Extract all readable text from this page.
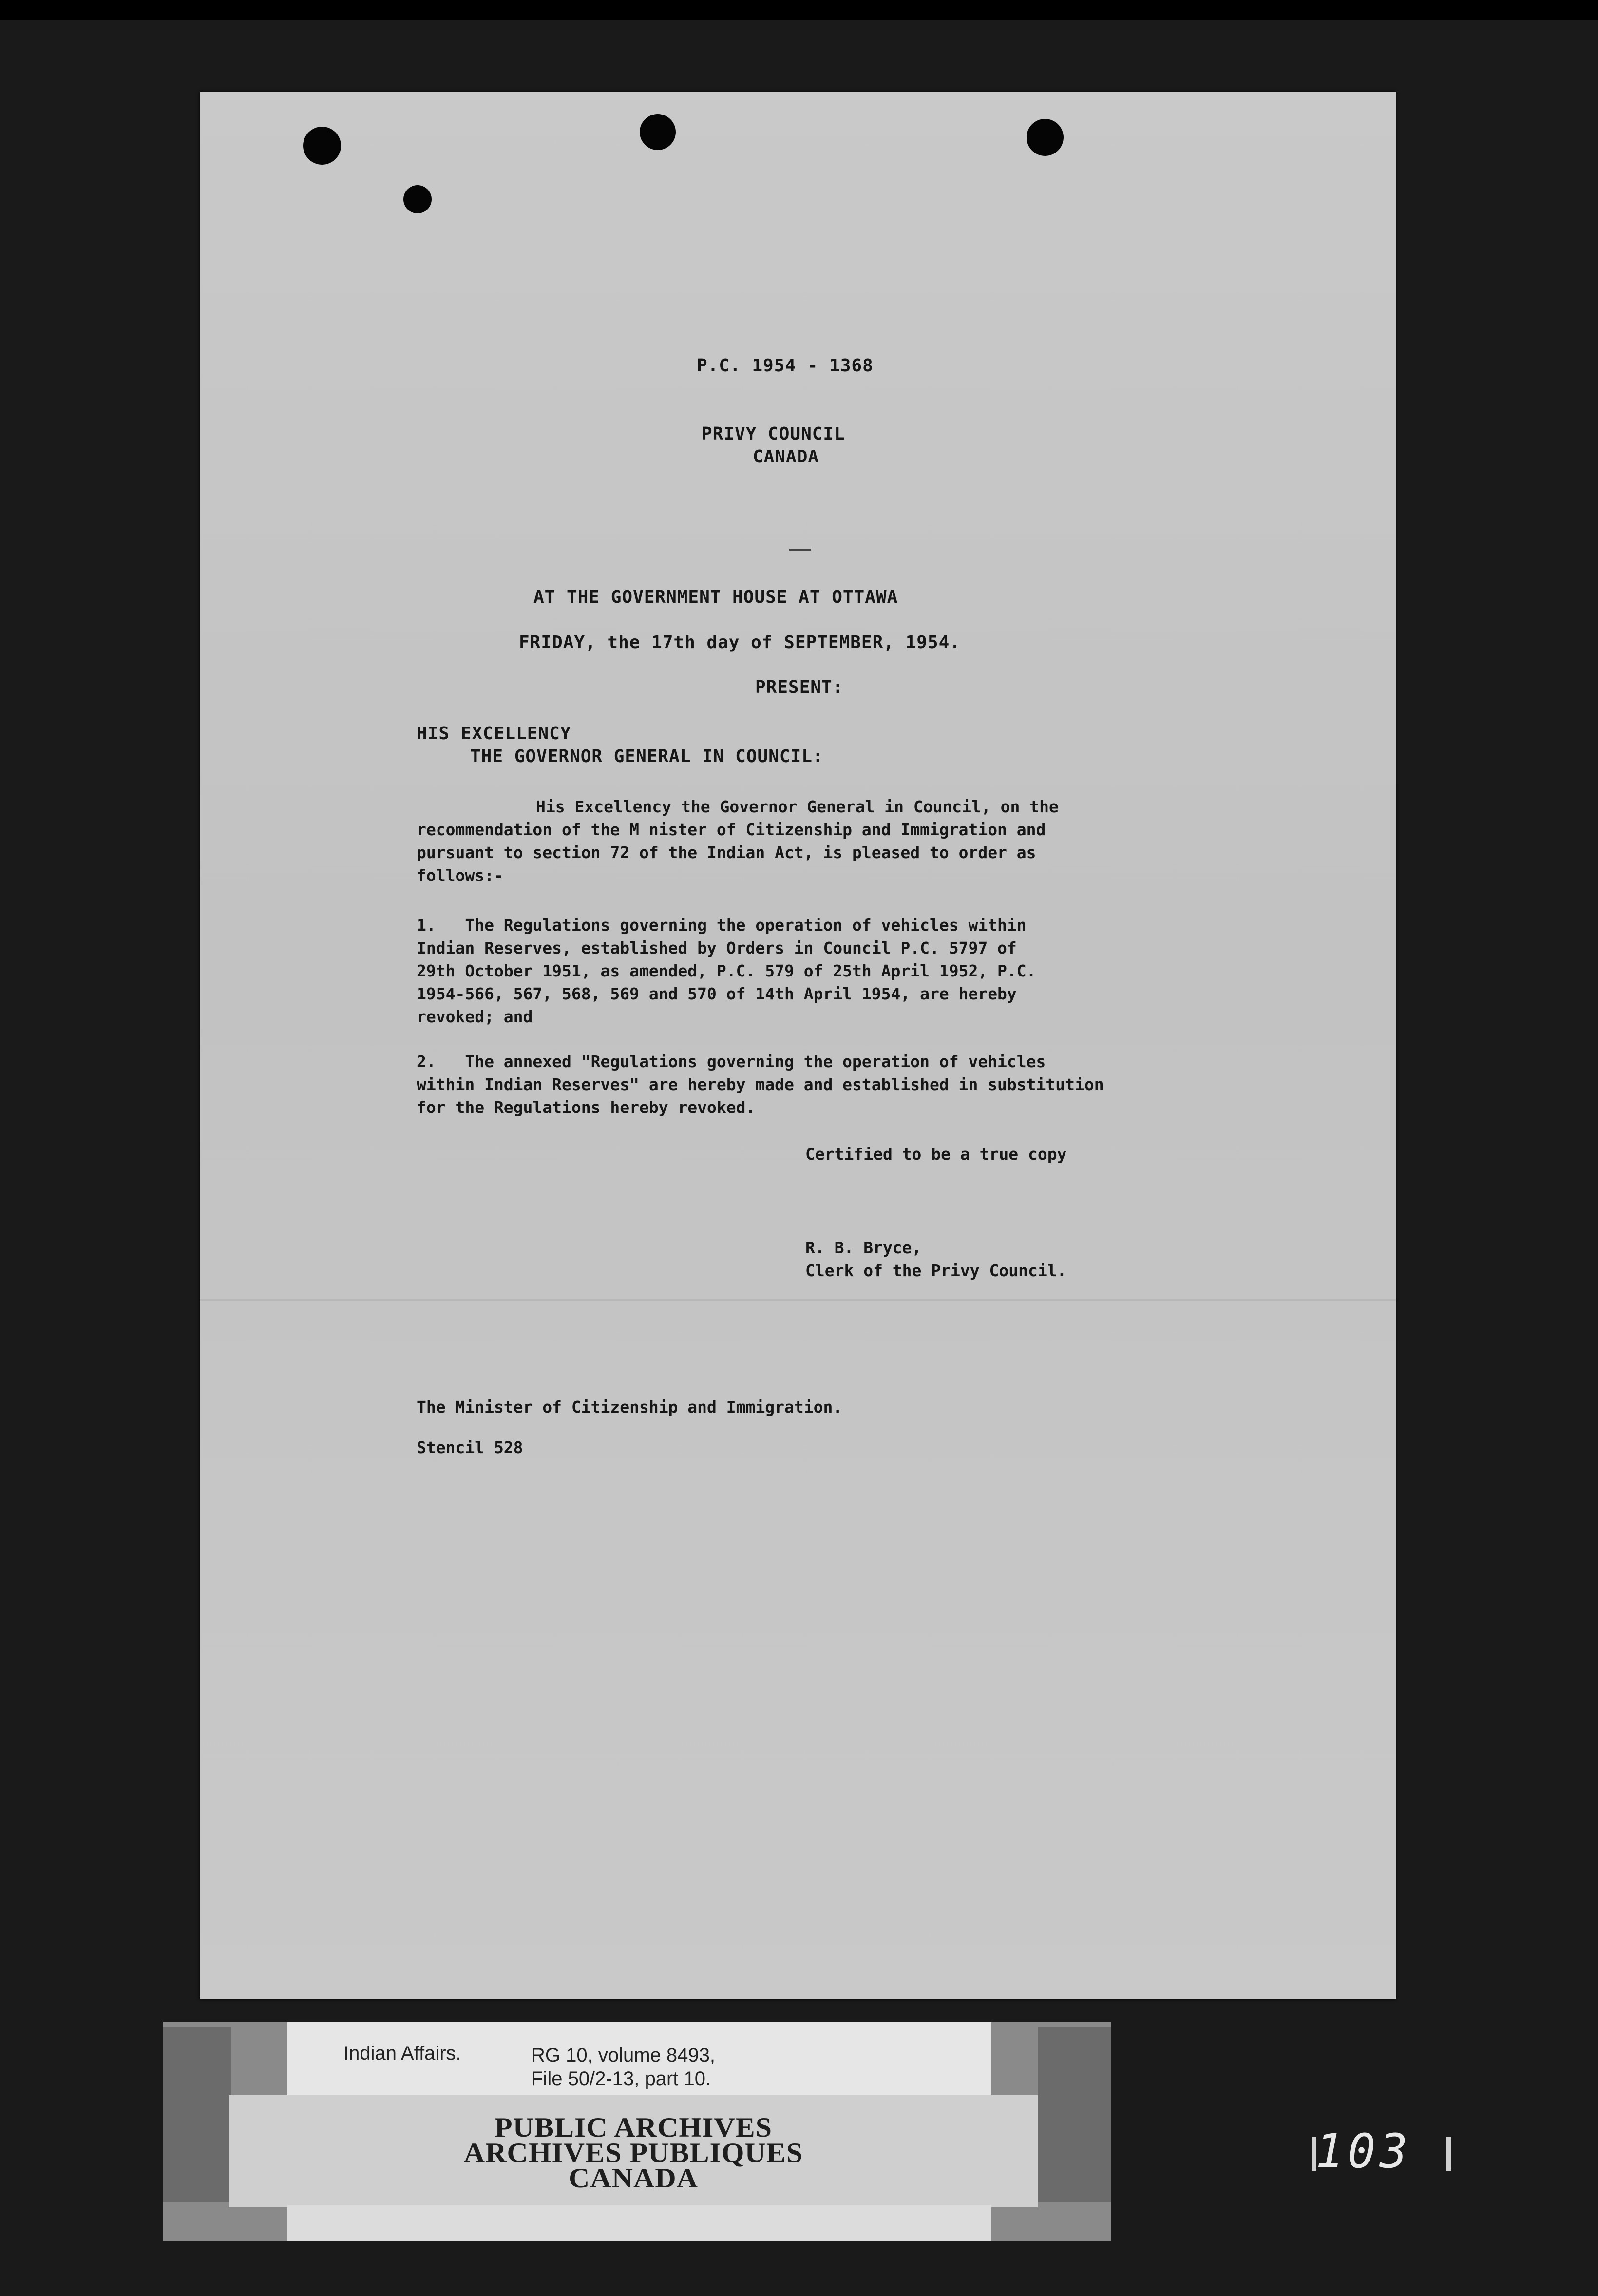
P.C. 1954 - 1368
PRIVY COUNCIL
CANADA
AT THE GOVERNMENT HOUSE AT OTTAWA
FRIDAY, the 17th day of SEPTEMBER, 1954.
PRESENT:
HIS EXCELLENCY
THE GOVERNOR GENERAL IN COUNCIL:
His Excellency the Governor General in Council, on the
recommendation of the M nister of Citizenship and Immigration and
pursuant to section 72 of the Indian Act, is pleased to order as
follows:-
1.   The Regulations governing the operation of vehicles within
Indian Reserves, established by Orders in Council P.C. 5797 of
29th October 1951, as amended, P.C. 579 of 25th April 1952, P.C.
1954-566, 567, 568, 569 and 570 of 14th April 1954, are hereby
revoked; and
2.   The annexed "Regulations governing the operation of vehicles
within Indian Reserves" are hereby made and established in substitution
for the Regulations hereby revoked.
Certified to be a true copy
R. B. Bryce,
Clerk of the Privy Council.
The Minister of Citizenship and Immigration.
Stencil 528
Indian Affairs.	RG 10, volume 8493,
File 50/2-13, part 10.
PUBLIC ARCHIVES
ARCHIVES PUBLIQUES
CANADA	103
